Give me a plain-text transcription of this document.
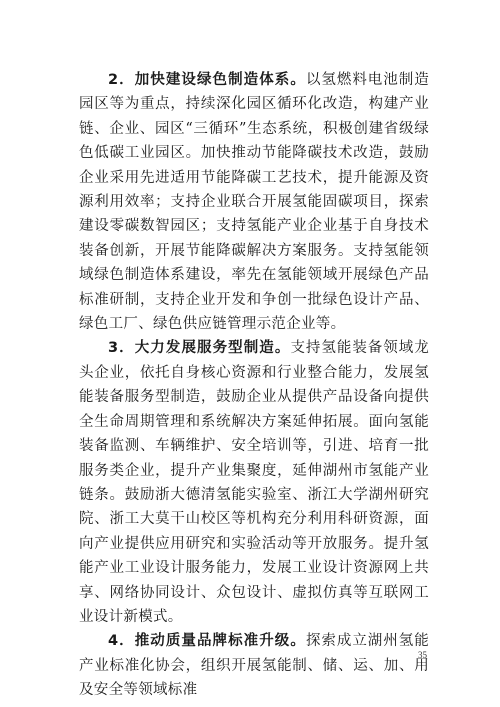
2．加快建设绿色制造体系。以氢燃料电池制造园区等为重点，持续深化园区循环化改造，构建产业链、企业、园区“三循环”生态系统，积极创建省级绿色低碳工业园区。加快推动节能降碳技术改造，鼓励企业采用先进适用节能降碳工艺技术，提升能源及资源利用效率；支持企业联合开展氢能固碳项目，探索建设零碳数智园区；支持氢能产业企业基于自身技术装备创新，开展节能降碳解决方案服务。支持氢能领域绿色制造体系建设，率先在氢能领域开展绿色产品标准研制，支持企业开发和争创一批绿色设计产品、绿色工厂、绿色供应链管理示范企业等。

3．大力发展服务型制造。支持氢能装备领域龙头企业，依托自身核心资源和行业整合能力，发展氢能装备服务型制造，鼓励企业从提供产品设备向提供全生命周期管理和系统解决方案延伸拓展。面向氢能装备监测、车辆维护、安全培训等，引进、培育一批服务类企业，提升产业集聚度，延伸湖州市氢能产业链条。鼓励浙大德清氢能实验室、浙江大学湖州研究院、浙工大莫干山校区等机构充分利用科研资源，面向产业提供应用研究和实验活动等开放服务。提升氢能产业工业设计服务能力，发展工业设计资源网上共享、网络协同设计、众包设计、虚拟仿真等互联网工业设计新模式。

4．推动质量品牌标准升级。探索成立湖州氢能产业标准化协会，组织开展氢能制、储、运、加、用及安全等领域标准

35
